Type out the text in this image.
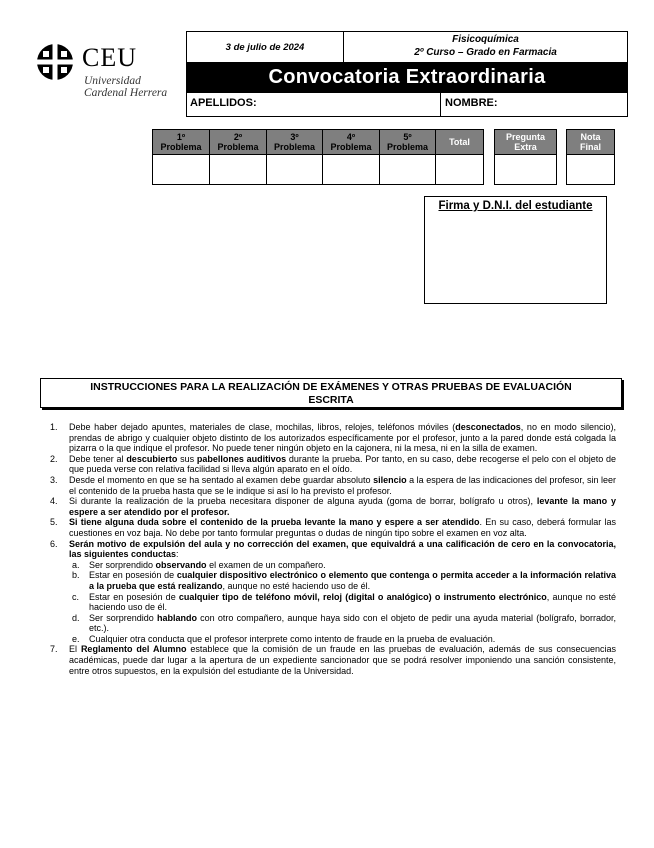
CEU
Universidad
Cardenal Herrera
3 de julio de 2024
Fisicoquímica
2º Curso – Grado en Farmacia
Convocatoria Extraordinaria
APELLIDOS:	NOMBRE:
1º
Problema
2º
Problema
3º
Problema
4º
Problema
5º
Problema
Total
Pregunta
Extra
Nota
Final
Firma y D.N.I. del estudiante
INSTRUCCIONES PARA LA REALIZACIÓN DE EXÁMENES Y OTRAS PRUEBAS DE EVALUACIÓN
ESCRITA
1. Debe haber dejado apuntes, materiales de clase, mochilas, libros, relojes, teléfonos móviles (desconectados, no en modo silencio), prendas de abrigo y cualquier objeto distinto de los autorizados específicamente por el profesor, junto a la pared donde está colgada la pizarra o la que indique el profesor. No puede tener ningún objeto en la cajonera, ni la mesa, ni en la silla de examen.
2. Debe tener al descubierto sus pabellones auditivos durante la prueba. Por tanto, en su caso, debe recogerse el pelo con el objeto de que pueda verse con relativa facilidad si lleva algún aparato en el oído.
3. Desde el momento en que se ha sentado al examen debe guardar absoluto silencio a la espera de las indicaciones del profesor, sin leer el contenido de la prueba hasta que se le indique si así lo ha previsto el profesor.
4. Si durante la realización de la prueba necesitara disponer de alguna ayuda (goma de borrar, bolígrafo u otros), levante la mano y espere a ser atendido por el profesor.
5. Si tiene alguna duda sobre el contenido de la prueba levante la mano y espere a ser atendido. En su caso, deberá formular las cuestiones en voz baja. No debe por tanto formular preguntas o dudas de ningún tipo sobre el examen en voz alta.
6. Serán motivo de expulsión del aula y no corrección del examen, que equivaldrá a una calificación de cero en la convocatoria, las siguientes conductas:
a. Ser sorprendido observando el examen de un compañero.
b. Estar en posesión de cualquier dispositivo electrónico o elemento que contenga o permita acceder a la información relativa a la prueba que está realizando, aunque no esté haciendo uso de él.
c. Estar en posesión de cualquier tipo de teléfono móvil, reloj (digital o analógico) o instrumento electrónico, aunque no esté haciendo uso de él.
d. Ser sorprendido hablando con otro compañero, aunque haya sido con el objeto de pedir una ayuda material (bolígrafo, borrador, etc.).
e. Cualquier otra conducta que el profesor interprete como intento de fraude en la prueba de evaluación.
7. El Reglamento del Alumno establece que la comisión de un fraude en las pruebas de evaluación, además de sus consecuencias académicas, puede dar lugar a la apertura de un expediente sancionador que se podrá resolver imponiendo una sanción consistente, entre otros supuestos, en la expulsión del estudiante de la Universidad.
